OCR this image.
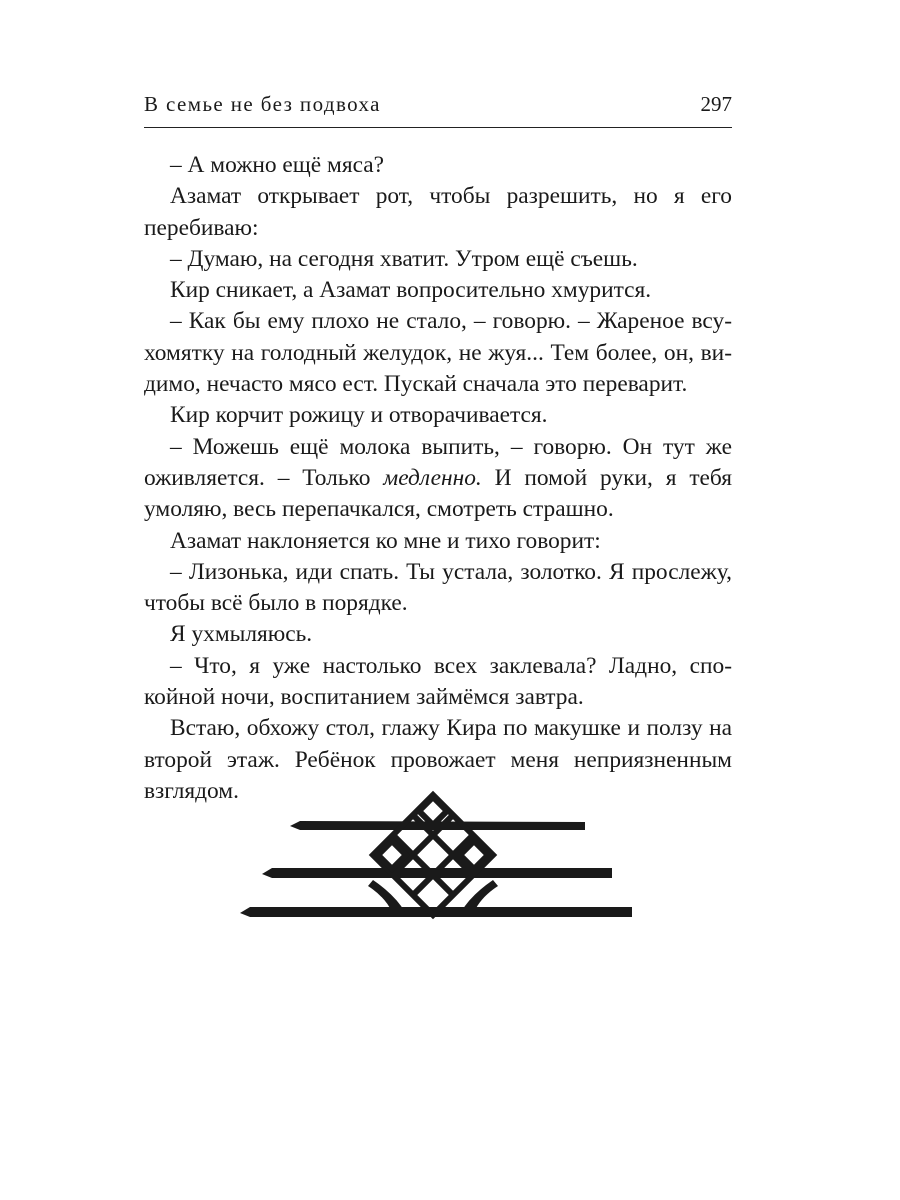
В семье не без подвоха	297

– А можно ещё мяса?

Азамат открывает рот, чтобы разрешить, но я его перебиваю:

– Думаю, на сегодня хватит. Утром ещё съешь.

Кир сникает, а Азамат вопросительно хмурится.

– Как бы ему плохо не стало, – говорю. – Жареное всухомятку на голодный желудок, не жуя... Тем более, он, видимо, нечасто мясо ест. Пускай сначала это переварит.

Кир корчит рожицу и отворачивается.

– Можешь ещё молока выпить, – говорю. Он тут же оживляется. – Только медленно. И помой руки, я тебя умоляю, весь перепачкался, смотреть страшно.

Азамат наклоняется ко мне и тихо говорит:

– Лизонька, иди спать. Ты устала, золотко. Я прослежу, чтобы всё было в порядке.

Я ухмыляюсь.

– Что, я уже настолько всех заклевала? Ладно, спокойной ночи, воспитанием займёмся завтра.

Встаю, обхожу стол, глажу Кира по макушке и ползу на второй этаж. Ребёнок провожает меня неприязненным взглядом.
